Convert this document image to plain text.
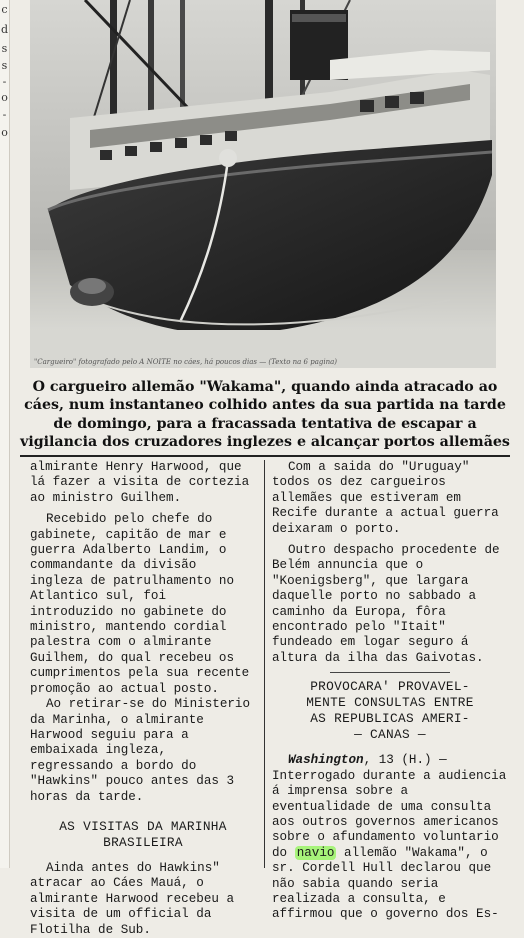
c
d
s
s
-
o
-
o
"Cargueiro" fotografado pelo A NOITE no cáes, há poucos dias — (Texto na 6 pagina)
O cargueiro allemão "Wakama", quando ainda atracado ao cáes, num instantaneo colhido antes da sua partida na tarde de domingo, para a fracassada tentativa de escapar a vigilancia dos cruzadores inglezes e alcançar portos allemães

almirante Henry Harwood, que lá fazer a visita de cortezia ao ministro Guilhem.

Recebido pelo chefe do gabinete, capitão de mar e guerra Adalberto Landim, o commandante da divisão ingleza de patrulhamento no Atlantico sul, foi introduzido no gabinete do ministro, mantendo cordial palestra com o almirante Guilhem, do qual recebeu os cumprimentos pela sua recente promoção ao actual posto.

Ao retirar-se do Ministerio da Marinha, o almirante Harwood seguiu para a embaixada ingleza, regressando a bordo do "Hawkins" pouco antes das 3 horas da tarde.

AS VISITAS DA MARINHA
BRASILEIRA

Ainda antes do Hawkins" atracar ao Cáes Mauá, o almirante Harwood recebeu a visita de um official da Flotilha de Sub.

Com a saida do "Uruguay" todos os dez cargueiros allemães que estiveram em Recife durante a actual guerra deixaram o porto.

Outro despacho procedente de Belém annuncia que o "Koenigsberg", que largara daquelle porto no sabbado a caminho da Europa, fôra encontrado pelo "Itait" fundeado em logar seguro á altura da ilha das Gaivotas.

PROVOCARA' PROVAVEL-
MENTE CONSULTAS ENTRE
AS REPUBLICAS AMERI-
— CANAS —

Washington, 13 (H.) — Interrogado durante a audiencia á imprensa sobre a eventualidade de uma consulta aos outros governos americanos sobre o afundamento voluntario do navio allemão "Wakama", o sr. Cordell Hull declarou que não sabia quando seria realizada a consulta, e affirmou que o governo dos Es-
